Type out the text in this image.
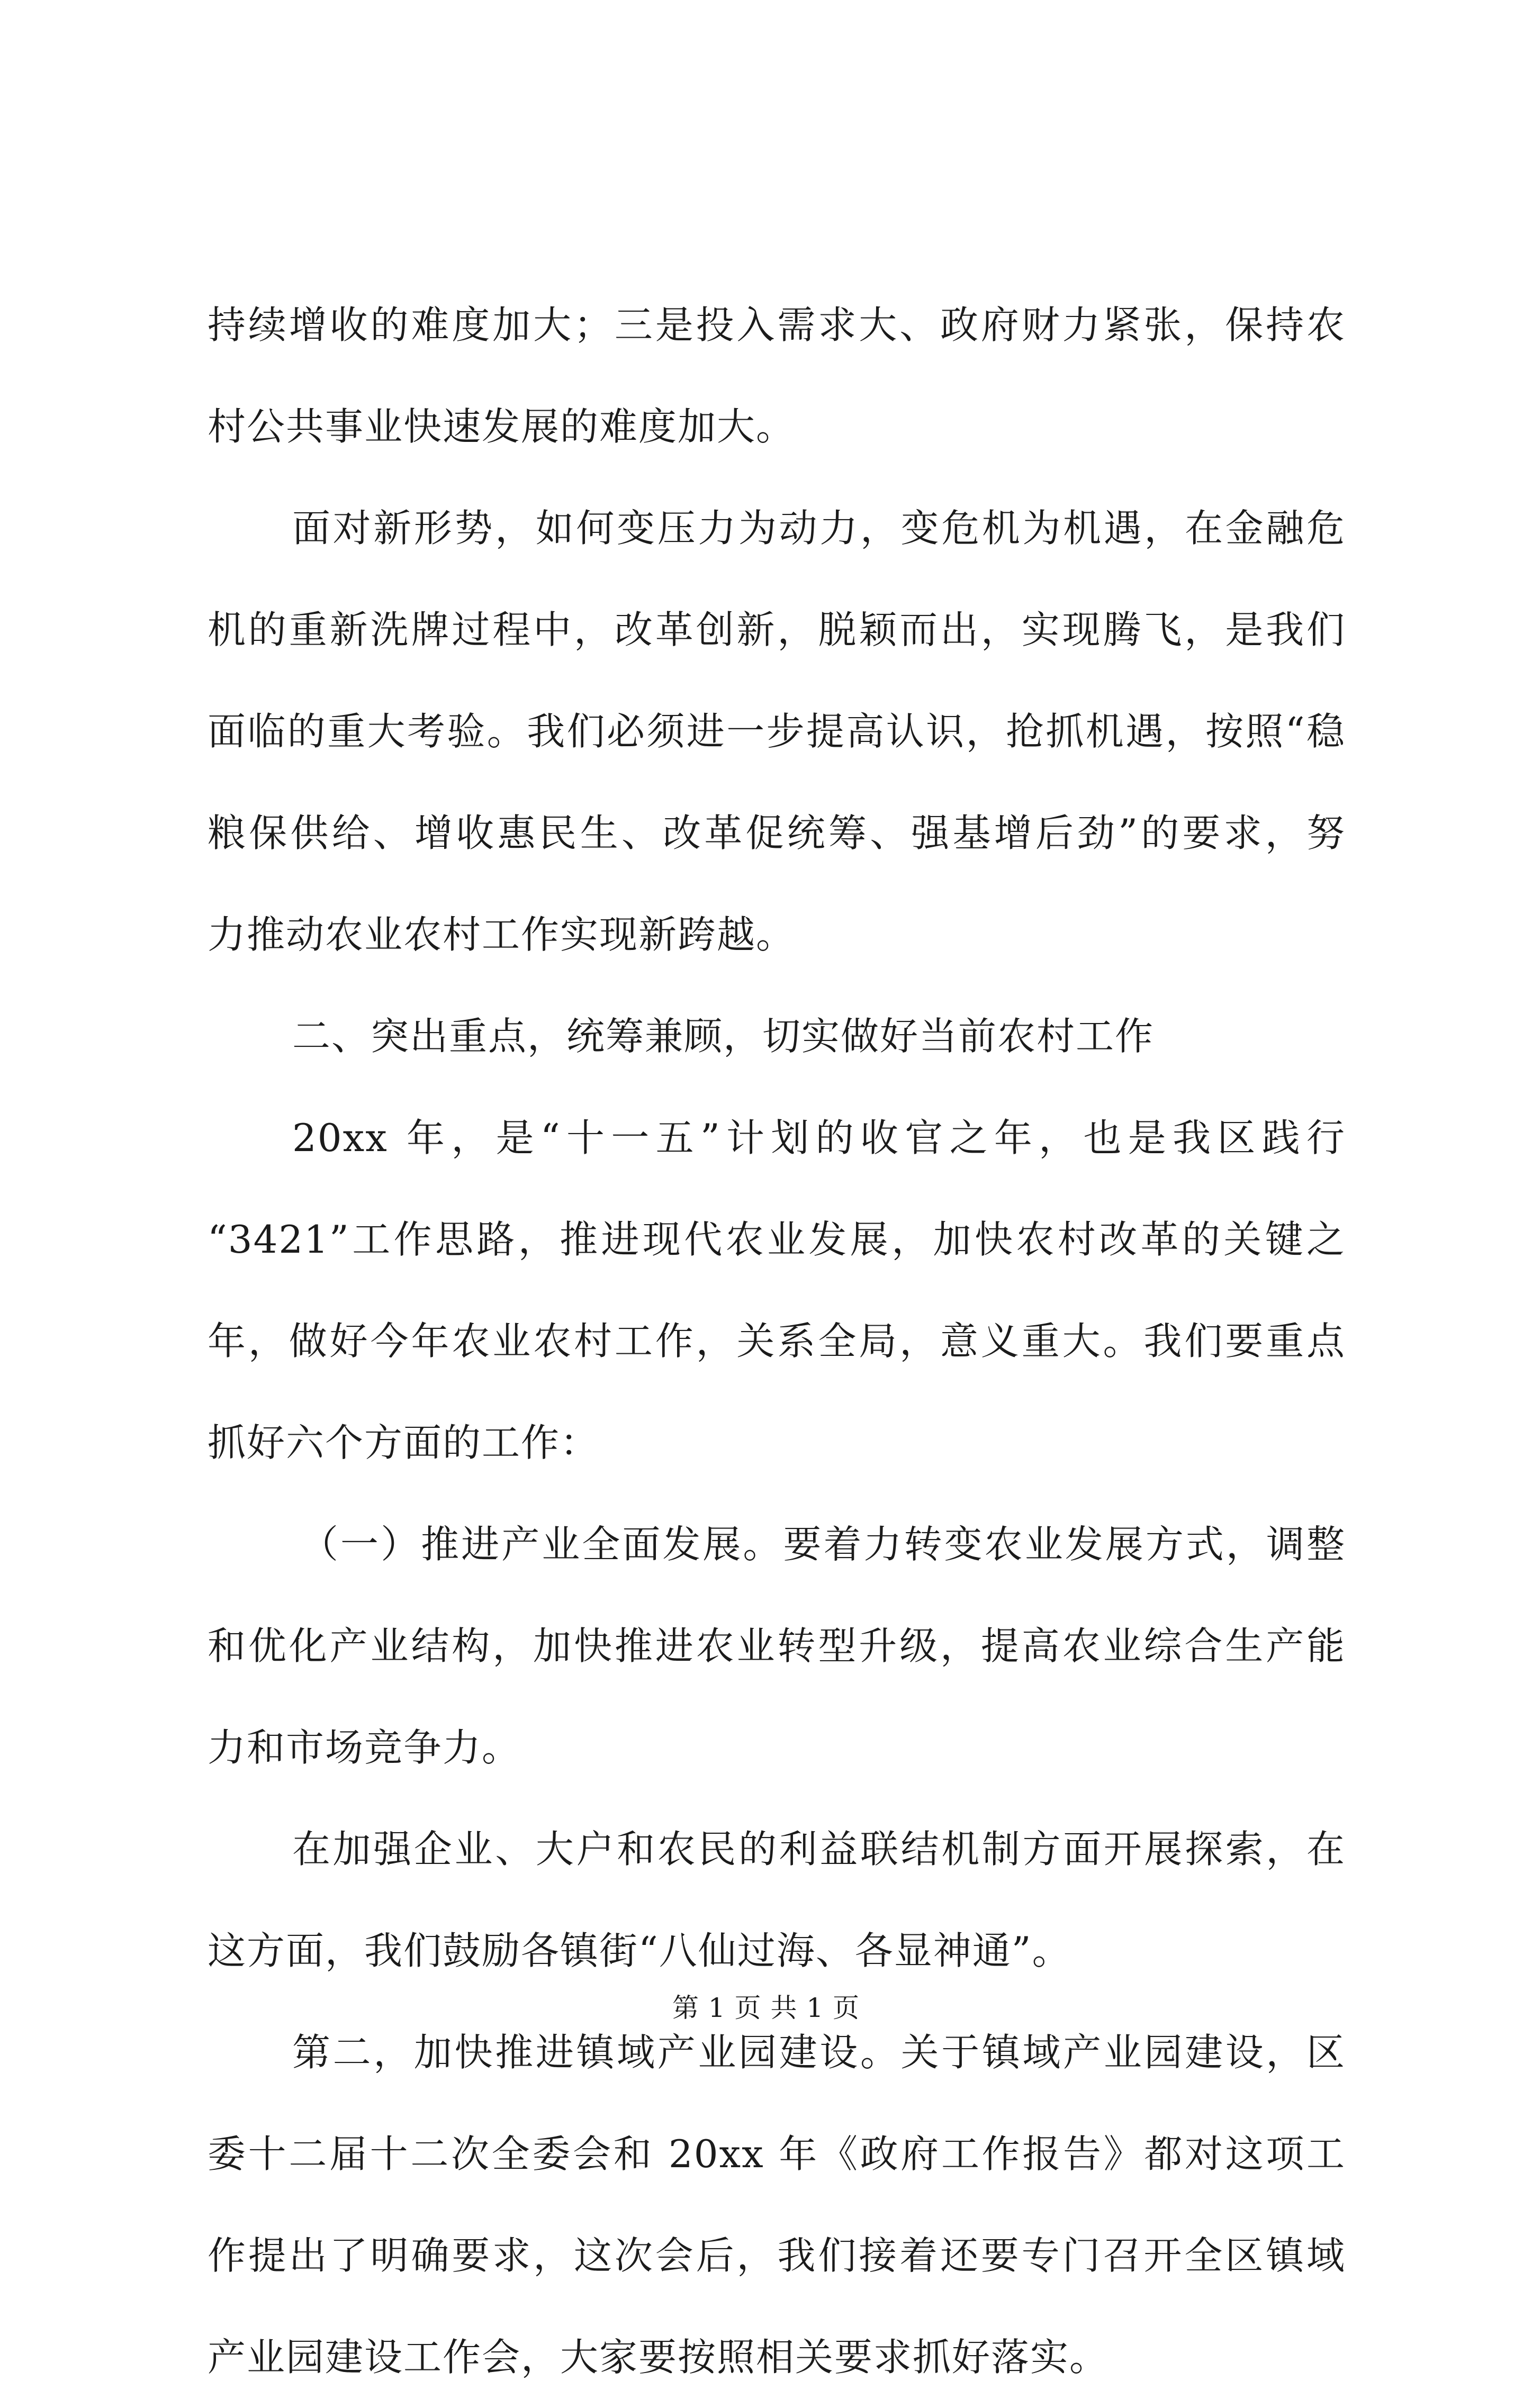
持续增收的难度加大；三是投入需求大、政府财力紧张，保持农
村公共事业快速发展的难度加大。
面对新形势，如何变压力为动力，变危机为机遇，在金融危
机的重新洗牌过程中，改革创新，脱颖而出，实现腾飞，是我们
面临的重大考验。我们必须进一步提高认识，抢抓机遇，按照“稳
粮保供给、增收惠民生、改革促统筹、强基增后劲”的要求，努
力推动农业农村工作实现新跨越。
二、突出重点，统筹兼顾，切实做好当前农村工作
20xx 年，是“十一五”计划的收官之年，也是我区践行
“3421”工作思路，推进现代农业发展，加快农村改革的关键之
年，做好今年农业农村工作，关系全局，意义重大。我们要重点
抓好六个方面的工作：
（一）推进产业全面发展。要着力转变农业发展方式，调整
和优化产业结构，加快推进农业转型升级，提高农业综合生产能
力和市场竞争力。
在加强企业、大户和农民的利益联结机制方面开展探索，在
这方面，我们鼓励各镇街“八仙过海、各显神通”。
第二，加快推进镇域产业园建设。关于镇域产业园建设，区
委十二届十二次全委会和 20xx 年《政府工作报告》都对这项工
作提出了明确要求，这次会后，我们接着还要专门召开全区镇域
产业园建设工作会，大家要按照相关要求抓好落实。
第 1 页 共 1 页
